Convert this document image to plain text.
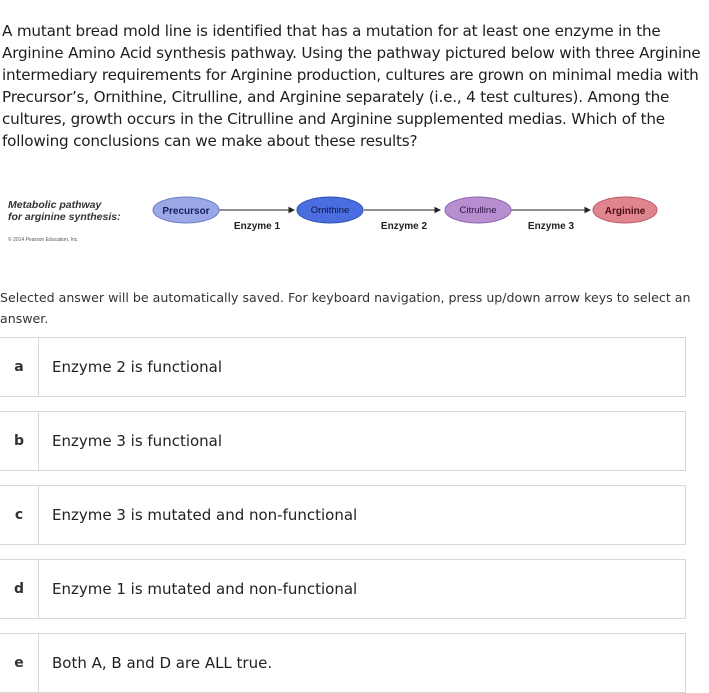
A mutant bread mold line is identified that has a mutation for at least one enzyme in the Arginine Amino Acid synthesis pathway. Using the pathway pictured below with three Arginine intermediary requirements for Arginine production, cultures are grown on minimal media with Precursor’s, Ornithine, Citrulline, and Arginine separately (i.e., 4 test cultures). Among the cultures, growth occurs in the Citrulline and Arginine supplemented medias. Which of the following conclusions can we make about these results?
Metabolic pathway
for arginine synthesis:
© 2014 Pearson Education, Inc.
Precursor	Ornithine	Citrulline	Arginine
Enzyme 1	Enzyme 2	Enzyme 3
Selected answer will be automatically saved. For keyboard navigation, press up/down arrow keys to select an answer.
a	Enzyme 2 is functional
b	Enzyme 3 is functional
c	Enzyme 3 is mutated and non-functional
d	Enzyme 1 is mutated and non-functional
e	Both A, B and D are ALL true.
